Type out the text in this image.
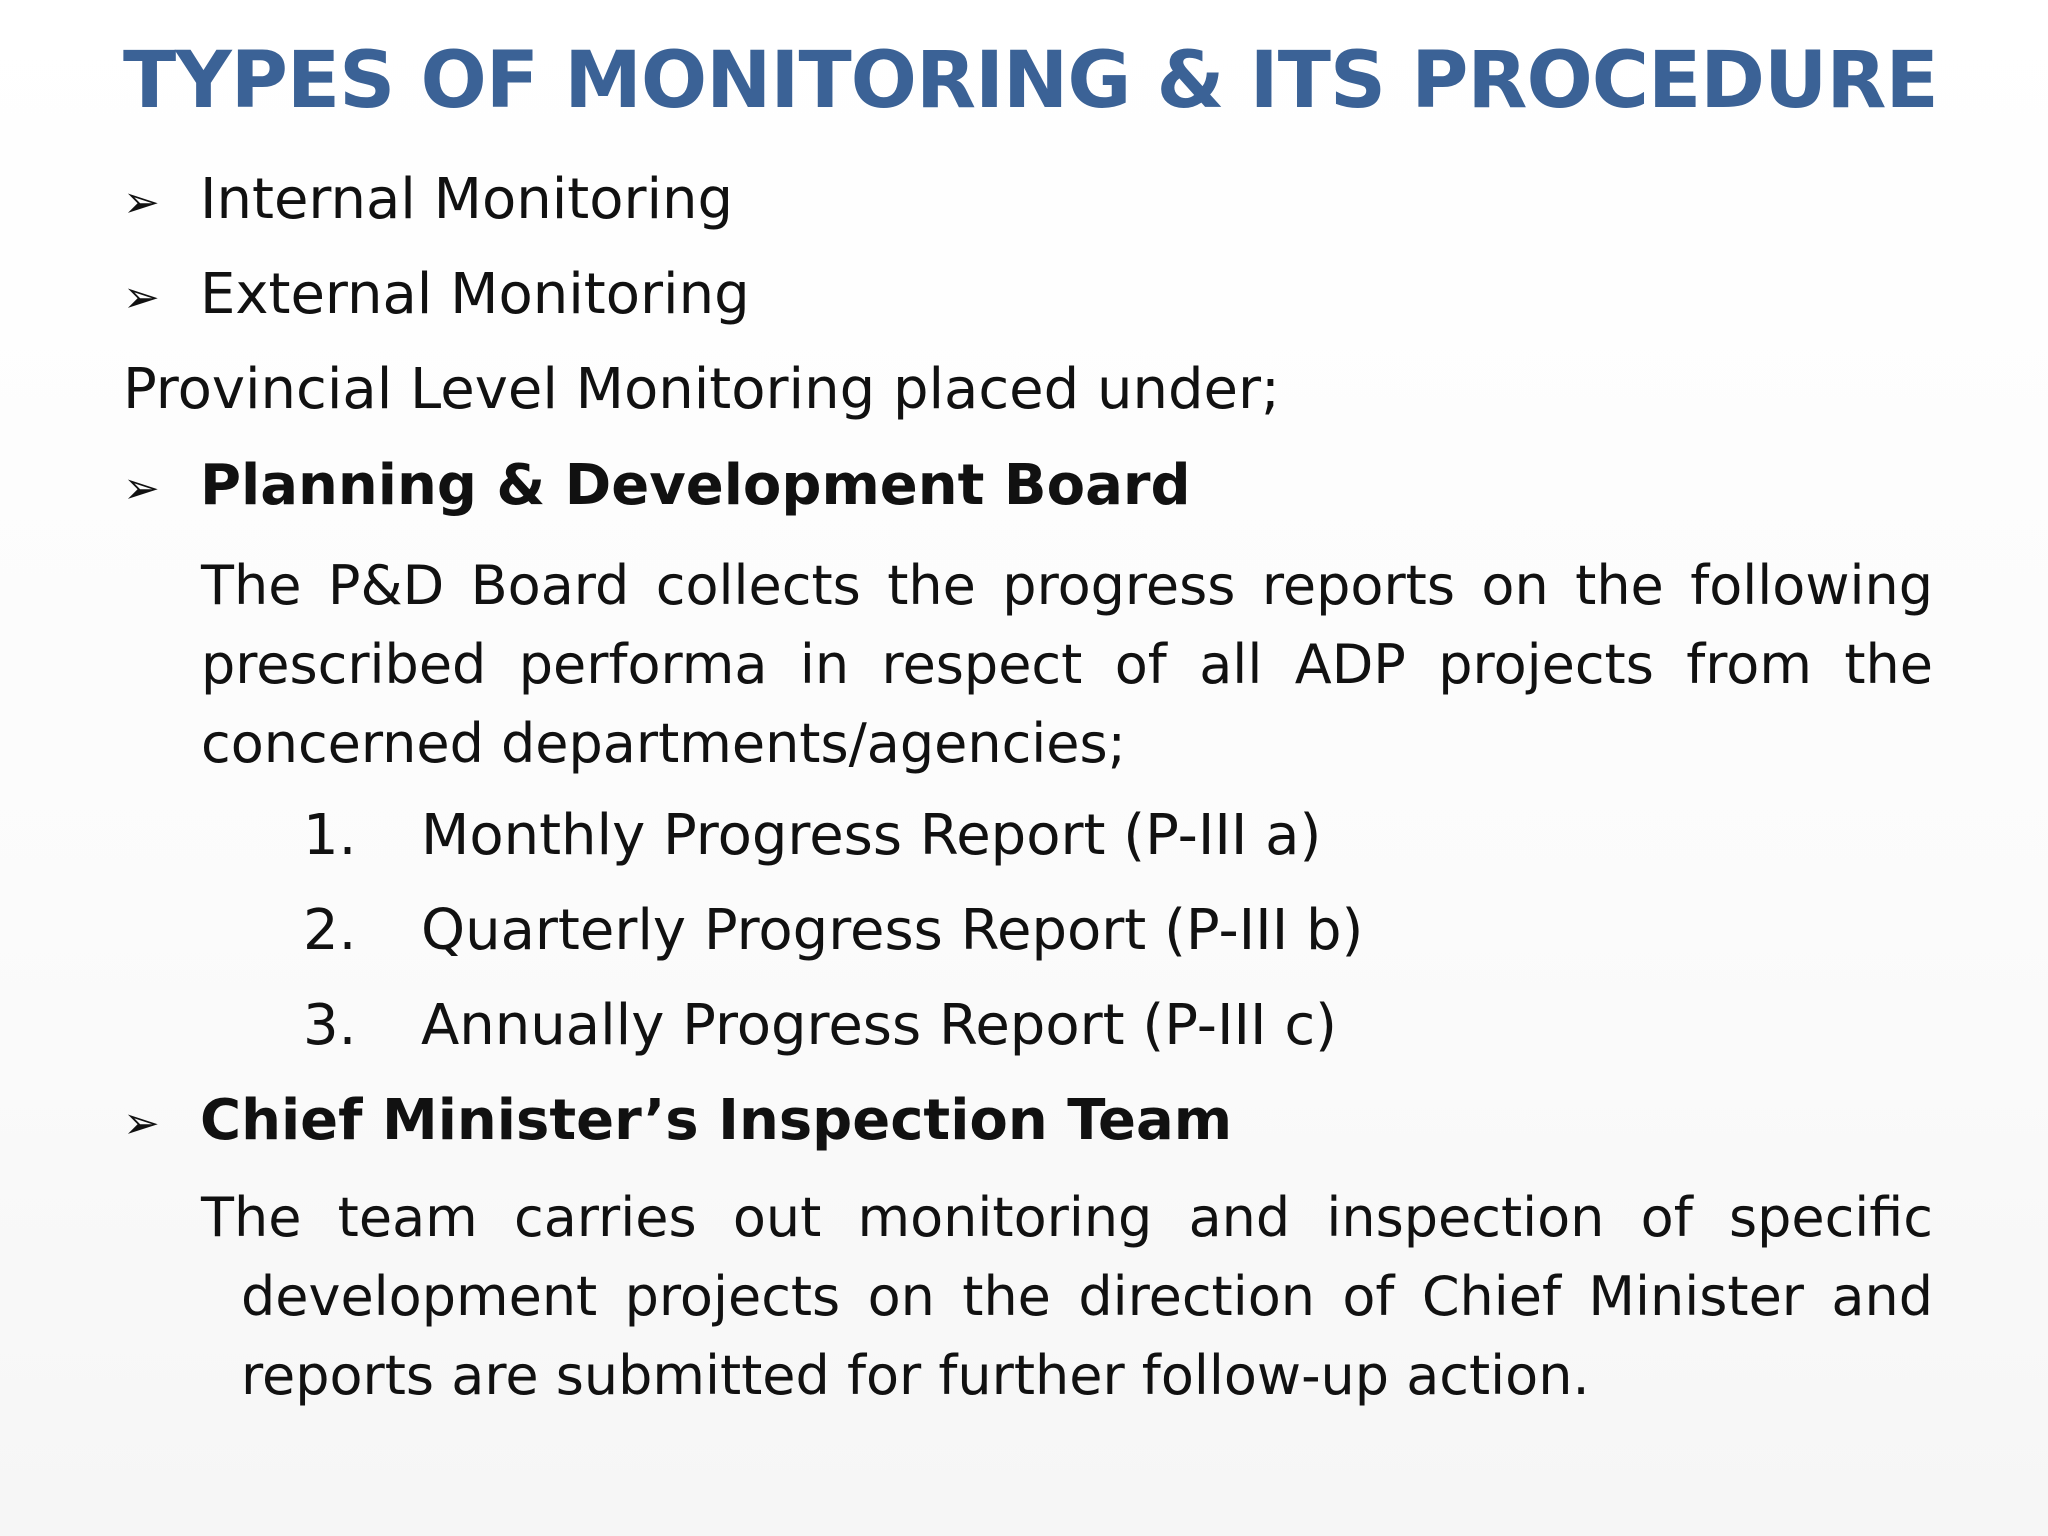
TYPES OF MONITORING & ITS PROCEDURE
➢ Internal Monitoring
➢ External Monitoring
Provincial Level Monitoring placed under;
➢ Planning & Development Board
The P&D Board collects the progress reports on the following prescribed performa in respect of all ADP projects from the concerned departments/agencies;
1. Monthly Progress Report (P-III a)
2. Quarterly Progress Report (P-III b)
3. Annually Progress Report (P-III c)
➢ Chief Minister’s Inspection Team
The team carries out monitoring and inspection of specific
development projects on the direction of Chief Minister and reports are submitted for further follow-up action.
